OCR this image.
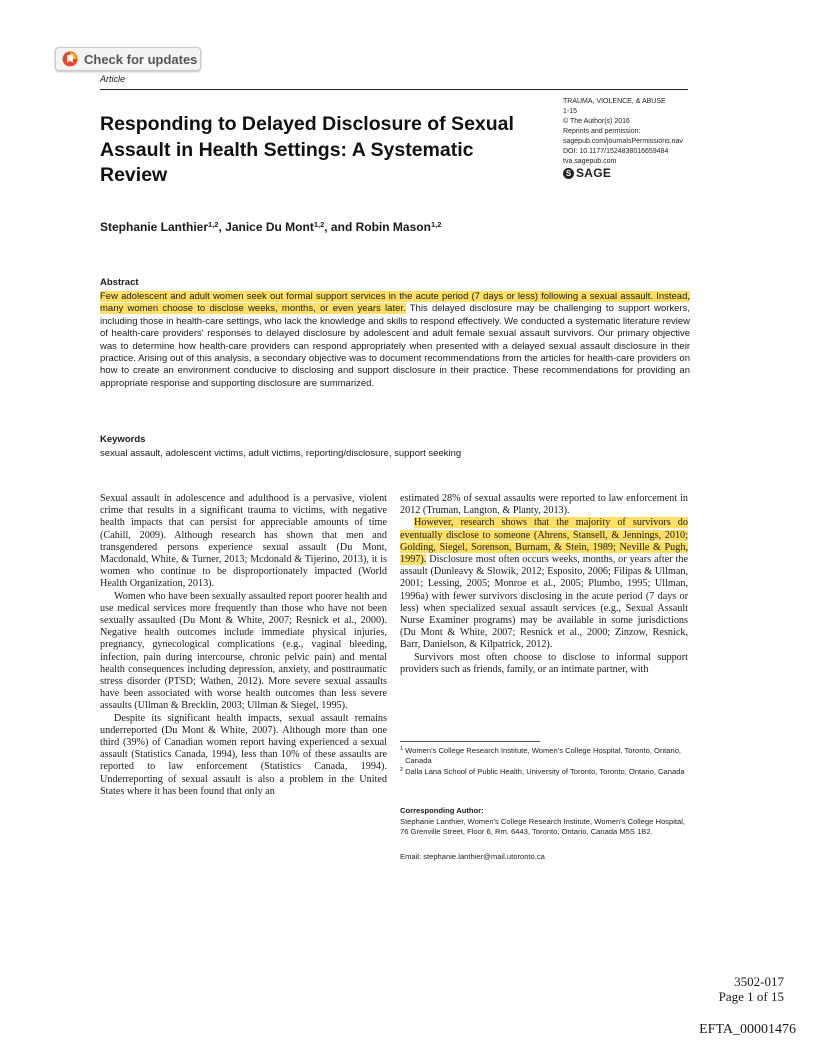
Check for updates
Article
Responding to Delayed Disclosure of Sexual Assault in Health Settings: A Systematic Review
TRAUMA, VIOLENCE, & ABUSE
1-15
© The Author(s) 2016
Reprints and permission:
sagepub.com/journalsPermissions.nav
DOI: 10.1177/1524838016659484
tva.sagepub.com
S SAGE
Stephanie Lanthier$^{1,2}$, Janice Du Mont$^{1,2}$, and Robin Mason$^{1,2}$
Abstract

Few adolescent and adult women seek out formal support services in the acute period (7 days or less) following a sexual assault. Instead, many women choose to disclose weeks, months, or even years later. This delayed disclosure may be challenging to support workers, including those in health-care settings, who lack the knowledge and skills to respond effectively. We conducted a systematic literature review of health-care providers' responses to delayed disclosure by adolescent and adult female sexual assault survivors. Our primary objective was to determine how health-care providers can respond appropriately when presented with a delayed sexual assault disclosure in their practice. Arising out of this analysis, a secondary objective was to document recommendations from the articles for health-care providers on how to create an environment conducive to disclosing and support disclosure in their practice. These recommendations for providing an appropriate response and supporting disclosure are summarized.

Keywords
sexual assault, adolescent victims, adult victims, reporting/disclosure, support seeking

Sexual assault in adolescence and adulthood is a pervasive, violent crime that results in a significant trauma to victims, with negative health impacts that can persist for appreciable amounts of time (Cahill, 2009). Although research has shown that men and transgendered persons experience sexual assault (Du Mont, Macdonald, White, & Turner, 2013; Mcdonald & Tijerino, 2013), it is women who continue to be disproportionately impacted (World Health Organization, 2013).

Women who have been sexually assaulted report poorer health and use medical services more frequently than those who have not been sexually assaulted (Du Mont & White, 2007; Resnick et al., 2000). Negative health outcomes include immediate physical injuries, pregnancy, gynecological complications (e.g., vaginal bleeding, infection, pain during intercourse, chronic pelvic pain) and mental health consequences including depression, anxiety, and posttraumatic stress disorder (PTSD; Wathen, 2012). More severe sexual assaults have been associated with worse health outcomes than less severe assaults (Ullman & Brecklin, 2003; Ullman & Siegel, 1995).

Despite its significant health impacts, sexual assault remains underreported (Du Mont & White, 2007). Although more than one third (39%) of Canadian women report having experienced a sexual assault (Statistics Canada, 1994), less than 10% of these assaults are reported to law enforcement (Statistics Canada, 1994). Underreporting of sexual assault is also a problem in the United States where it has been found that only an

estimated 28% of sexual assaults were reported to law enforcement in 2012 (Truman, Langton, & Planty, 2013).

However, research shows that the majority of survivors do eventually disclose to someone (Ahrens, Stansell, & Jennings, 2010; Golding, Siegel, Sorenson, Burnam, & Stein, 1989; Neville & Pugh, 1997). Disclosure most often occurs weeks, months, or years after the assault (Dunleavy & Slowik, 2012; Esposito, 2006; Filipas & Ullman, 2001; Lessing, 2005; Monroe et al., 2005; Plumbo, 1995; Ullman, 1996a) with fewer survivors disclosing in the acute period (7 days or less) when specialized sexual assault services (e.g., Sexual Assault Nurse Examiner programs) may be available in some jurisdictions (Du Mont & White, 2007; Resnick et al., 2000; Zinzow, Resnick, Barr, Danielson, & Kilpatrick, 2012).

Survivors most often choose to disclose to informal support providers such as friends, family, or an intimate partner, with

1 Women's College Research Institute, Women's College Hospital, Toronto, Ontario, Canada
2 Dalla Lana School of Public Health, University of Toronto, Toronto, Ontario, Canada
Corresponding Author:
Stephanie Lanthier, Women's College Research Institute, Women's College Hospital, 76 Grenville Street, Floor 6, Rm. 6443, Toronto, Ontario, Canada M5S 1B2.
Email: stephanie.lanthier@mail.utoronto.ca
3502-017
Page 1 of 15
EFTA_00001476
